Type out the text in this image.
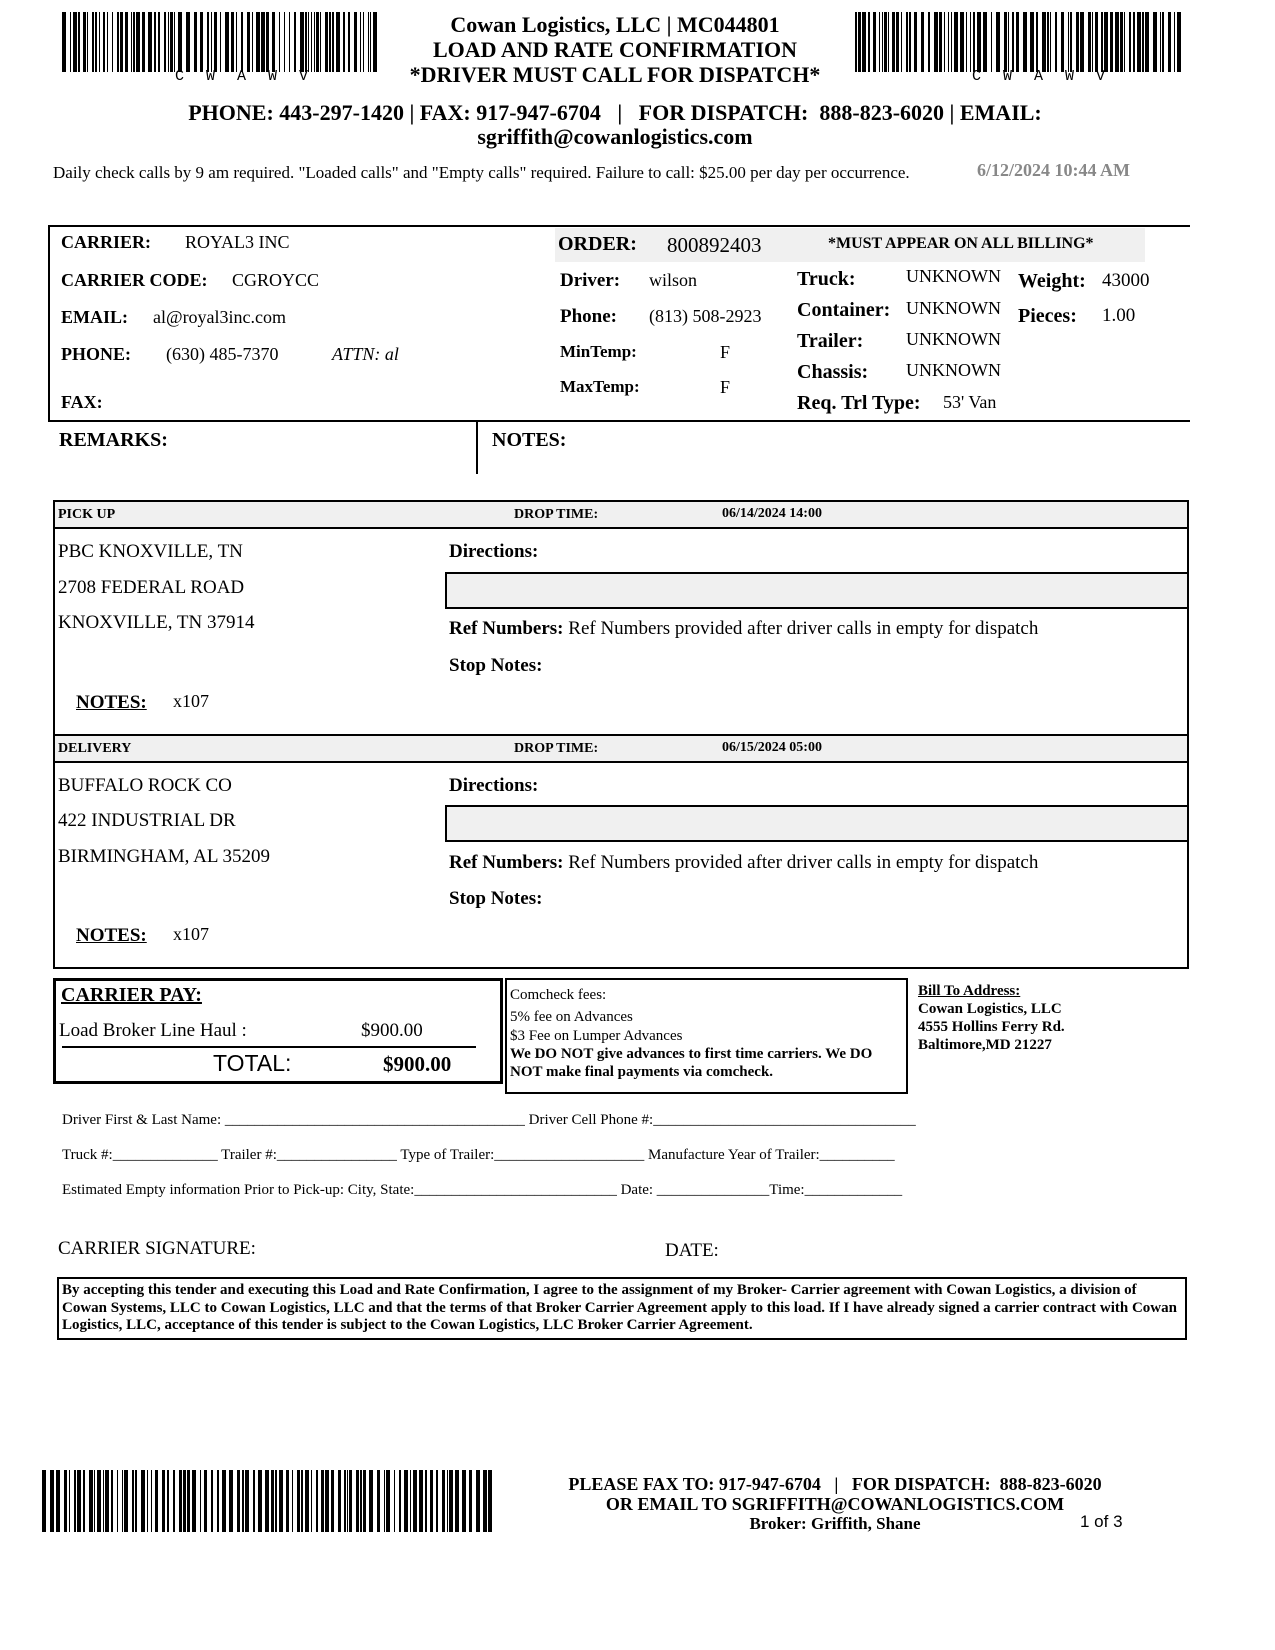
CWAWV	CWAWV
Cowan Logistics, LLC | MC044801
LOAD AND RATE CONFIRMATION
*DRIVER MUST CALL FOR DISPATCH*
PHONE: 443-297-1420 | FAX: 917-947-6704   |   FOR DISPATCH:  888-823-6020 | EMAIL:
sgriffith@cowanlogistics.com
Daily check calls by 9 am required. "Loaded calls" and "Empty calls" required. Failure to call: $25.00 per day per occurrence.	6/12/2024 10:44 AM
CARRIER: ROYAL3 INC
CARRIER CODE: CGROYCC
EMAIL: al@royal3inc.com
PHONE: (630) 485-7370	ATTN: al
FAX:
ORDER: 800892403	*MUST APPEAR ON ALL BILLING*
Driver: wilson
Phone: (813) 508-2923
MinTemp:	F
MaxTemp:	F
Truck:	UNKNOWN
Container: UNKNOWN
Trailer: UNKNOWN
Chassis: UNKNOWN
Req. Trl Type: 53' Van
Weight: 43000
Pieces: 1.00
REMARKS:	NOTES:
PICK UP	DROP TIME:	06/14/2024 14:00
PBC KNOXVILLE, TN
2708 FEDERAL ROAD
KNOXVILLE, TN 37914
NOTES: x107
Directions:
Ref Numbers: Ref Numbers provided after driver calls in empty for dispatch
Stop Notes:
DELIVERY	DROP TIME:	06/15/2024 05:00
BUFFALO ROCK CO
422 INDUSTRIAL DR
BIRMINGHAM, AL 35209
NOTES: x107
Directions:
Ref Numbers: Ref Numbers provided after driver calls in empty for dispatch
Stop Notes:
CARRIER PAY:
Load Broker Line Haul :	$900.00
TOTAL:	$900.00
Comcheck fees:
5% fee on Advances
$3 Fee on Lumper Advances
We DO NOT give advances to first time carriers. We DO NOT make final payments via comcheck.
Bill To Address:
Cowan Logistics, LLC
4555 Hollins Ferry Rd.
Baltimore,MD 21227
Driver First & Last Name: ________________________________________ Driver Cell Phone #:___________________________________
Truck #:______________ Trailer #:________________ Type of Trailer:____________________ Manufacture Year of Trailer:__________
Estimated Empty information Prior to Pick-up: City, State:___________________________ Date: _______________Time:_____________
CARRIER SIGNATURE:	DATE:
By accepting this tender and executing this Load and Rate Confirmation, I agree to the assignment of my Broker- Carrier agreement with Cowan Logistics, a division of Cowan Systems, LLC to Cowan Logistics, LLC and that the terms of that Broker Carrier Agreement apply to this load. If I have already signed a carrier contract with Cowan Logistics, LLC, acceptance of this tender is subject to the Cowan Logistics, LLC Broker Carrier Agreement.
PLEASE FAX TO: 917-947-6704   |   FOR DISPATCH:  888-823-6020
OR EMAIL TO SGRIFFITH@COWANLOGISTICS.COM
Broker: Griffith, Shane	1 of 3
